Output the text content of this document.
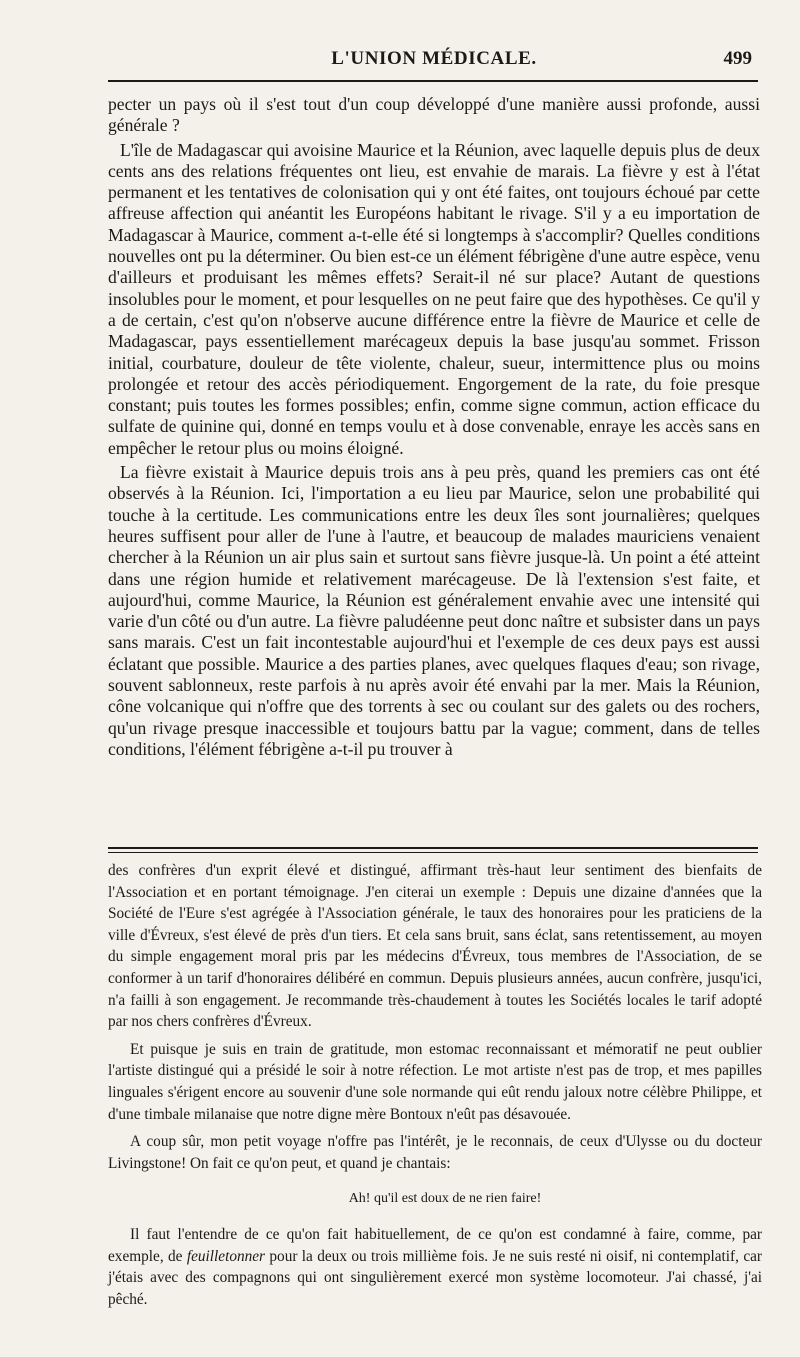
L'UNION MÉDICALE.	499

pecter un pays où il s'est tout d'un coup développé d'une manière aussi profonde, aussi générale ?

L'île de Madagascar qui avoisine Maurice et la Réunion, avec laquelle depuis plus de deux cents ans des relations fréquentes ont lieu, est envahie de marais. La fièvre y est à l'état permanent et les tentatives de colonisation qui y ont été faites, ont toujours échoué par cette affreuse affection qui anéantit les Européons habitant le rivage. S'il y a eu importation de Madagascar à Maurice, comment a-t-elle été si longtemps à s'accomplir? Quelles conditions nouvelles ont pu la déterminer. Ou bien est-ce un élément fébrigène d'une autre espèce, venu d'ailleurs et produisant les mêmes effets? Serait-il né sur place? Autant de questions insolubles pour le moment, et pour lesquelles on ne peut faire que des hypothèses. Ce qu'il y a de certain, c'est qu'on n'observe aucune différence entre la fièvre de Maurice et celle de Madagascar, pays essentiellement marécageux depuis la base jusqu'au sommet. Frisson initial, courbature, douleur de tête violente, chaleur, sueur, intermittence plus ou moins prolongée et retour des accès périodiquement. Engorgement de la rate, du foie presque constant; puis toutes les formes possibles; enfin, comme signe commun, action efficace du sulfate de quinine qui, donné en temps voulu et à dose convenable, enraye les accès sans en empêcher le retour plus ou moins éloigné.

La fièvre existait à Maurice depuis trois ans à peu près, quand les premiers cas ont été observés à la Réunion. Ici, l'importation a eu lieu par Maurice, selon une probabilité qui touche à la certitude. Les communications entre les deux îles sont journalières; quelques heures suffisent pour aller de l'une à l'autre, et beaucoup de malades mauriciens venaient chercher à la Réunion un air plus sain et surtout sans fièvre jusque-là. Un point a été atteint dans une région humide et relativement marécageuse. De là l'extension s'est faite, et aujourd'hui, comme Maurice, la Réunion est généralement envahie avec une intensité qui varie d'un côté ou d'un autre. La fièvre paludéenne peut donc naître et subsister dans un pays sans marais. C'est un fait incontestable aujourd'hui et l'exemple de ces deux pays est aussi éclatant que possible. Maurice a des parties planes, avec quelques flaques d'eau; son rivage, souvent sablonneux, reste parfois à nu après avoir été envahi par la mer. Mais la Réunion, cône volcanique qui n'offre que des torrents à sec ou coulant sur des galets ou des rochers, qu'un rivage presque inaccessible et toujours battu par la vague; comment, dans de telles conditions, l'élément fébrigène a-t-il pu trouver à

des confrères d'un exprit élevé et distingué, affirmant très-haut leur sentiment des bienfaits de l'Association et en portant témoignage. J'en citerai un exemple : Depuis une dizaine d'années que la Société de l'Eure s'est agrégée à l'Association générale, le taux des honoraires pour les praticiens de la ville d'Évreux, s'est élevé de près d'un tiers. Et cela sans bruit, sans éclat, sans retentissement, au moyen du simple engagement moral pris par les médecins d'Évreux, tous membres de l'Association, de se conformer à un tarif d'honoraires délibéré en commun. Depuis plusieurs années, aucun confrère, jusqu'ici, n'a failli à son engagement. Je recommande très-chaudement à toutes les Sociétés locales le tarif adopté par nos chers confrères d'Évreux.

Et puisque je suis en train de gratitude, mon estomac reconnaissant et mémoratif ne peut oublier l'artiste distingué qui a présidé le soir à notre réfection. Le mot artiste n'est pas de trop, et mes papilles linguales s'érigent encore au souvenir d'une sole normande qui eût rendu jaloux notre célèbre Philippe, et d'une timbale milanaise que notre digne mère Bontoux n'eût pas désavouée.

A coup sûr, mon petit voyage n'offre pas l'intérêt, je le reconnais, de ceux d'Ulysse ou du docteur Livingstone! On fait ce qu'on peut, et quand je chantais:

Ah! qu'il est doux de ne rien faire!

Il faut l'entendre de ce qu'on fait habituellement, de ce qu'on est condamné à faire, comme, par exemple, de feuilletonner pour la deux ou trois millième fois. Je ne suis resté ni oisif, ni contemplatif, car j'étais avec des compagnons qui ont singulièrement exercé mon système locomoteur. J'ai chassé, j'ai pêché.
